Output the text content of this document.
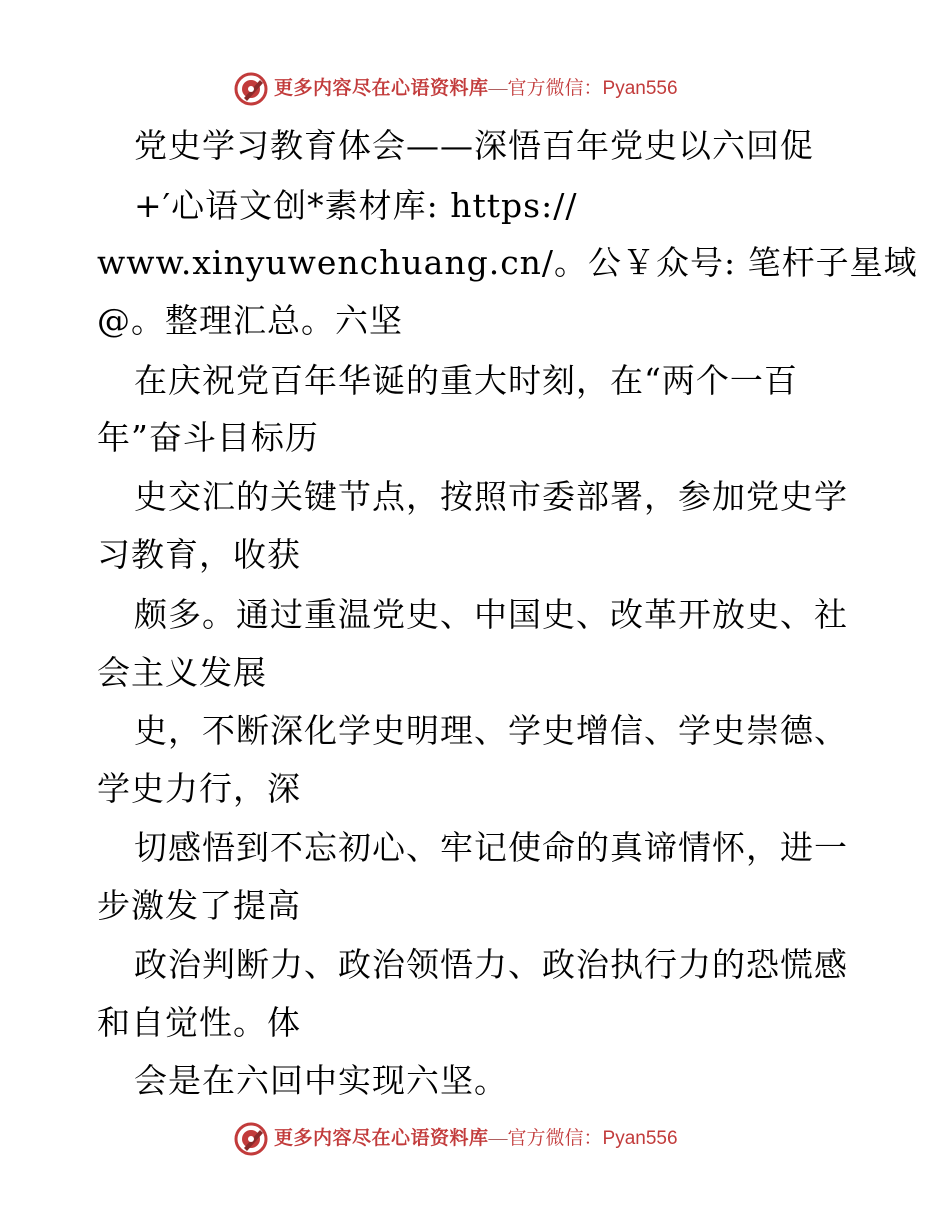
更多内容尽在心语资料库—官方微信：Pyan556
党史学习教育体会——深悟百年党史以六回促
+′心语文创*素材库: https://
www.xinyuwenchuang.cn/。公￥众号: 笔杆子星域
@。整理汇总。六坚
在庆祝党百年华诞的重大时刻，在“两个一百
年”奋斗目标历
史交汇的关键节点，按照市委部署，参加党史学
习教育，收获
颇多。通过重温党史、中国史、改革开放史、社
会主义发展
史，不断深化学史明理、学史增信、学史崇德、
学史力行，深
切感悟到不忘初心、牢记使命的真谛情怀，进一
步激发了提高
政治判断力、政治领悟力、政治执行力的恐慌感
和自觉性。体
会是在六回中实现六坚。
更多内容尽在心语资料库—官方微信：Pyan556
